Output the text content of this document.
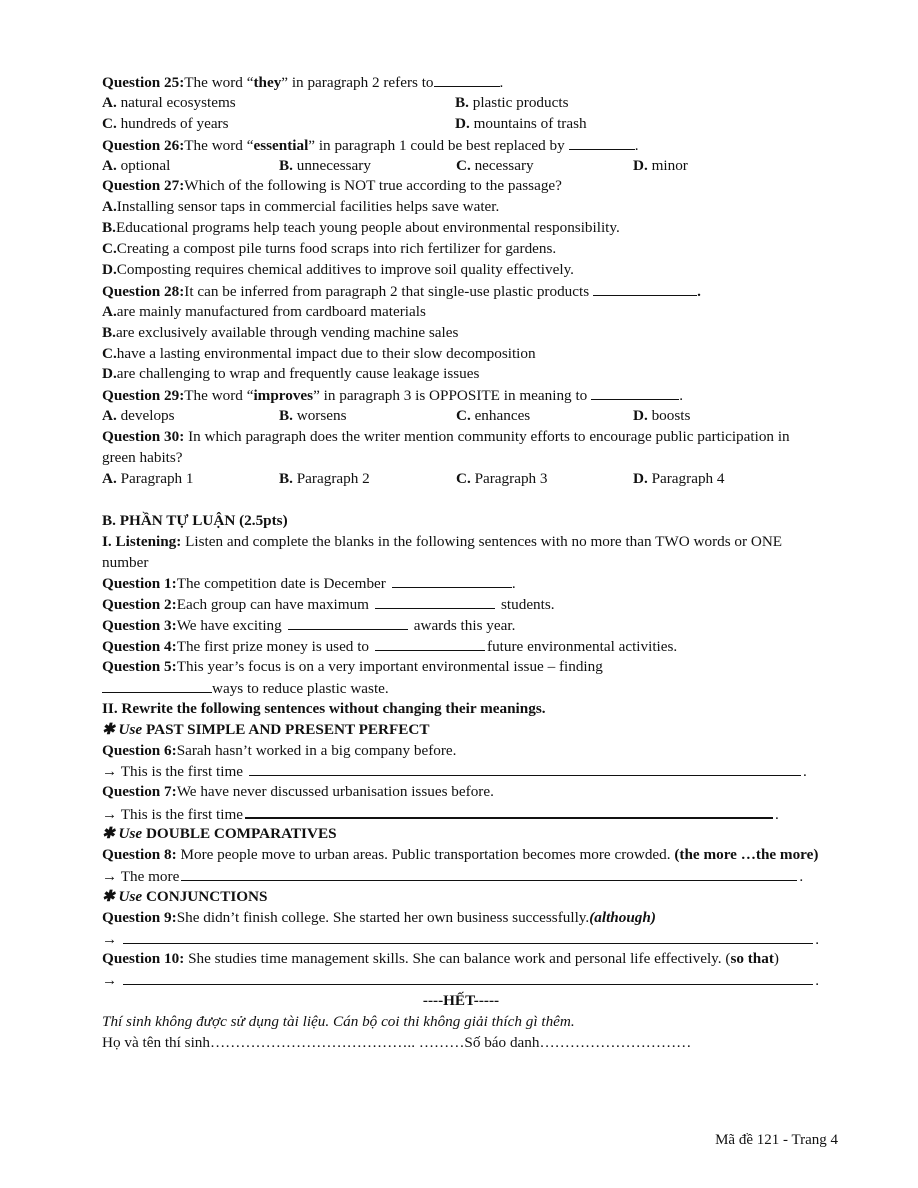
Question 25: The word “ they ” in paragraph 2 refers to	.
A. natural ecosystems	B. plastic products
C. hundreds of years	D. mountains of trash
Question 26: The word “ essential ” in paragraph 1 could be best replaced by	.
A. optional	B. unnecessary	C. necessary	D. minor
Question 27: Which of the following is NOT true according to the passage?
A. Installing sensor taps in commercial facilities helps save water.
B. Educational programs help teach young people about environmental responsibility.
C. Creating a compost pile turns food scraps into rich fertilizer for gardens.
D. Composting requires chemical additives to improve soil quality effectively.
Question 28: It can be inferred from paragraph 2 that single-use plastic products	.
A. are mainly manufactured from cardboard materials
B. are exclusively available through vending machine sales
C. have a lasting environmental impact due to their slow decomposition
D. are challenging to wrap and frequently cause leakage issues
Question 29: The word “ improves ” in paragraph 3 is OPPOSITE in meaning to	.
A. develops	B. worsens	C. enhances	D. boosts
Question 30: In which paragraph does the writer mention community efforts to encourage public participation in green habits?
A. Paragraph 1	B. Paragraph 2	C. Paragraph 3	D. Paragraph 4
B. PHẦN TỰ LUẬN (2.5pts)
I. Listening: Listen and complete the blanks in the following sentences with no more than TWO words or ONE number
Question 1: The competition date is December	.
Question 2: Each group can have maximum	students.
Question 3: We have exciting	awards this year.
Question 4: The first prize money is used to	future environmental activities.
Question 5: This year’s focus is on a very important environmental issue – finding
ways to reduce plastic waste.
II. Rewrite the following sentences without changing their meanings.
✱
Use
PAST SIMPLE AND PRESENT PERFECT
Question 6: Sarah hasn’t worked in a big company before.
→ This is the first time	.
Question 7: We have never discussed urbanisation issues before.
→ This is the first time	.
✱
Use
DOUBLE COMPARATIVES
Question 8: More people move to urban areas. Public transportation becomes more crowded. (the more …the more)
→ The more	.
✱
Use
CONJUNCTIONS
Question 9: She didn’t finish college. She started her own business successfully. (although)
→	.
Question 10: She studies time management skills. She can balance work and personal life effectively. (so that)
→	.
----HẾT-----
Thí sinh không được sử dụng tài liệu. Cán bộ coi thi không giải thích gì thêm.
Họ và tên thí sinh………………………………….. ………Số báo danh…………………………
Mã đề 121 - Trang 4
